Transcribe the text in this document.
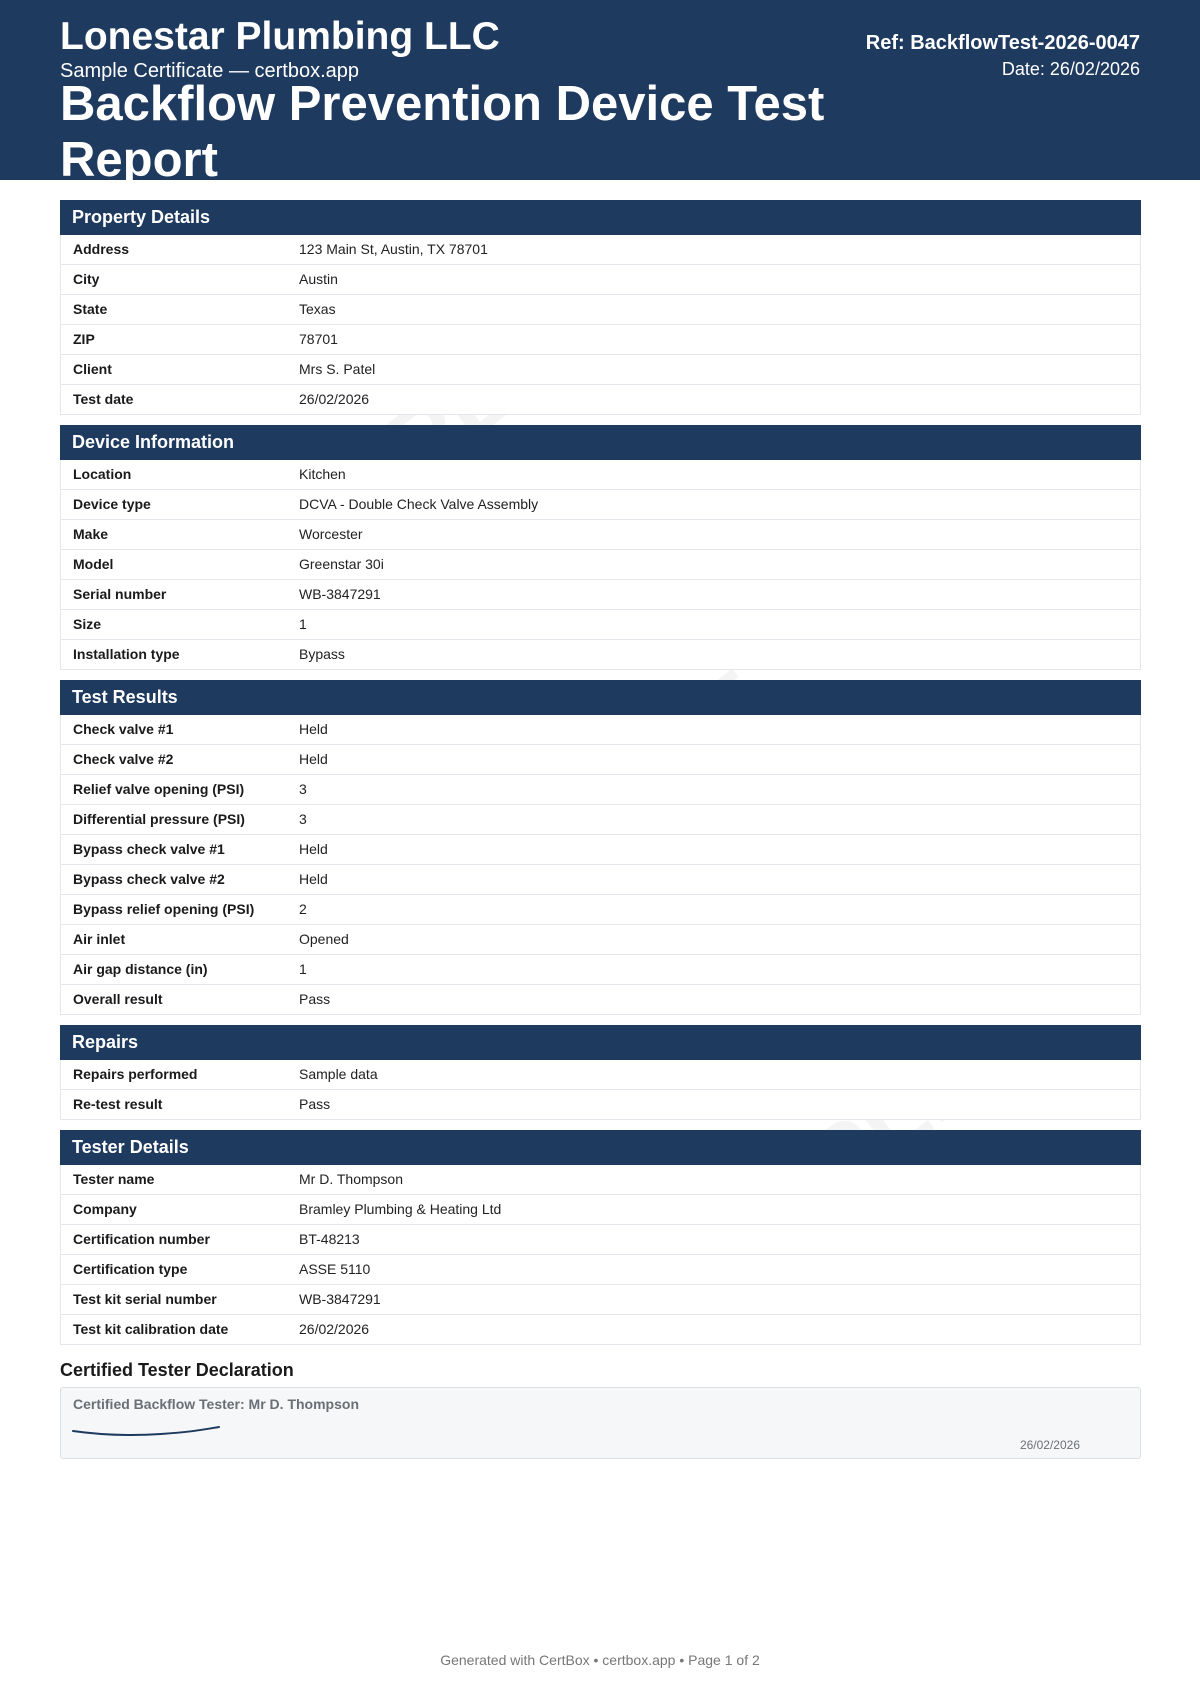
Lonestar Plumbing LLC
Sample Certificate — certbox.app
Backflow Prevention Device Test Report
Ref: BackflowTest-2026-0047
Date: 26/02/2026
Property Details
Address	123 Main St, Austin, TX 78701
City	Austin
State	Texas
ZIP	78701
Client	Mrs S. Patel
Test date	26/02/2026
Device Information
Location	Kitchen
Device type	DCVA - Double Check Valve Assembly
Make	Worcester
Model	Greenstar 30i
Serial number	WB-3847291
Size	1
Installation type	Bypass
Test Results
Check valve #1	Held
Check valve #2	Held
Relief valve opening (PSI)	3
Differential pressure (PSI)	3
Bypass check valve #1	Held
Bypass check valve #2	Held
Bypass relief opening (PSI)	2
Air inlet	Opened
Air gap distance (in)	1
Overall result	Pass
Repairs
Repairs performed	Sample data
Re-test result	Pass
Tester Details
Tester name	Mr D. Thompson
Company	Bramley Plumbing & Heating Ltd
Certification number	BT-48213
Certification type	ASSE 5110
Test kit serial number	WB-3847291
Test kit calibration date	26/02/2026
Certified Tester Declaration
Certified Backflow Tester: Mr D. Thompson
26/02/2026
Generated with CertBox • certbox.app • Page 1 of 2
